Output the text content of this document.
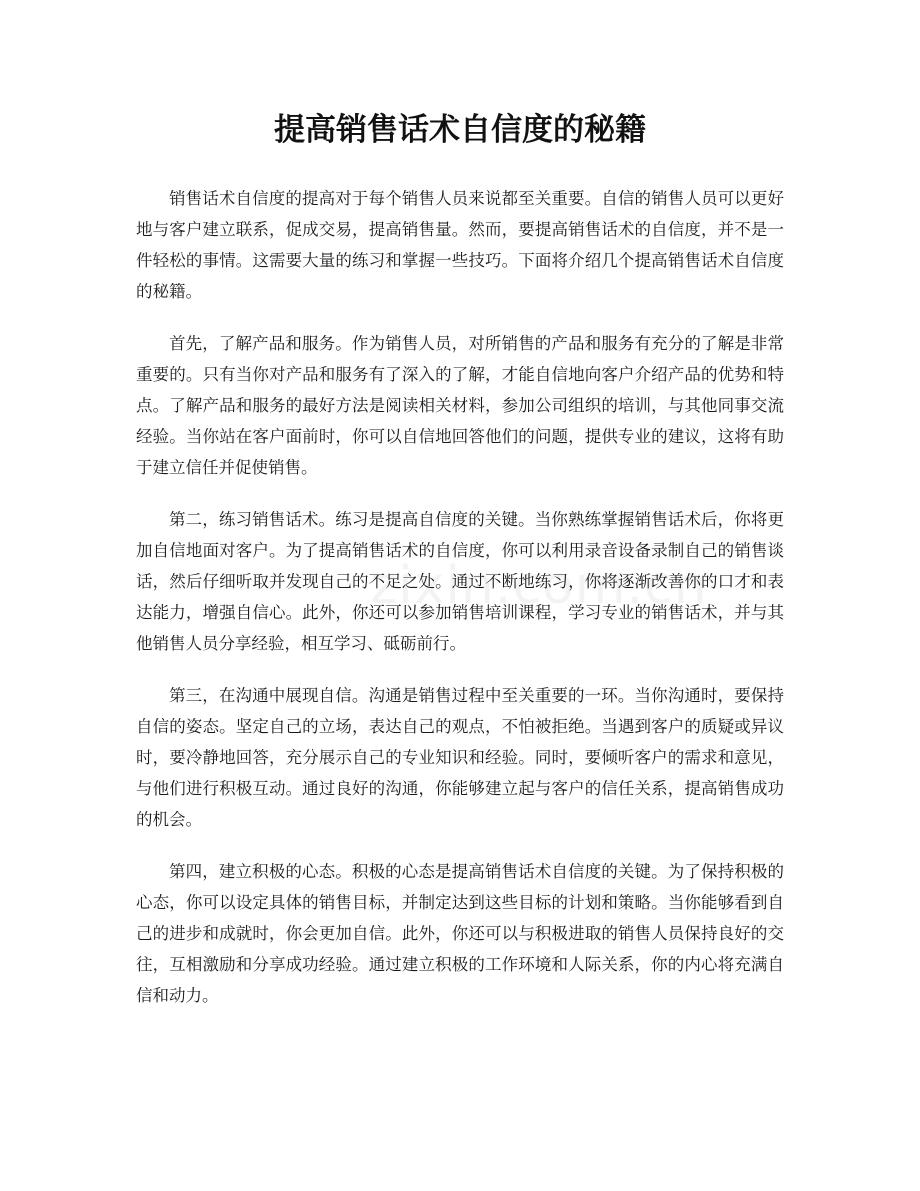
提高销售话术自信度的秘籍

销售话术自信度的提高对于每个销售人员来说都至关重要。自信的销售人员可以更好地与客户建立联系，促成交易，提高销售量。然而，要提高销售话术的自信度，并不是一件轻松的事情。这需要大量的练习和掌握一些技巧。下面将介绍几个提高销售话术自信度的秘籍。

首先，了解产品和服务。作为销售人员，对所销售的产品和服务有充分的了解是非常重要的。只有当你对产品和服务有了深入的了解，才能自信地向客户介绍产品的优势和特点。了解产品和服务的最好方法是阅读相关材料，参加公司组织的培训，与其他同事交流经验。当你站在客户面前时，你可以自信地回答他们的问题，提供专业的建议，这将有助于建立信任并促使销售。

第二，练习销售话术。练习是提高自信度的关键。当你熟练掌握销售话术后，你将更加自信地面对客户。为了提高销售话术的自信度，你可以利用录音设备录制自己的销售谈话，然后仔细听取并发现自己的不足之处。通过不断地练习，你将逐渐改善你的口才和表达能力，增强自信心。此外，你还可以参加销售培训课程，学习专业的销售话术，并与其他销售人员分享经验，相互学习、砥砺前行。

第三，在沟通中展现自信。沟通是销售过程中至关重要的一环。当你沟通时，要保持自信的姿态。坚定自己的立场，表达自己的观点，不怕被拒绝。当遇到客户的质疑或异议时，要冷静地回答，充分展示自己的专业知识和经验。同时，要倾听客户的需求和意见，与他们进行积极互动。通过良好的沟通，你能够建立起与客户的信任关系，提高销售成功的机会。

第四，建立积极的心态。积极的心态是提高销售话术自信度的关键。为了保持积极的心态，你可以设定具体的销售目标，并制定达到这些目标的计划和策略。当你能够看到自己的进步和成就时，你会更加自信。此外，你还可以与积极进取的销售人员保持良好的交往，互相激励和分享成功经验。通过建立积极的工作环境和人际关系，你的内心将充满自信和动力。
